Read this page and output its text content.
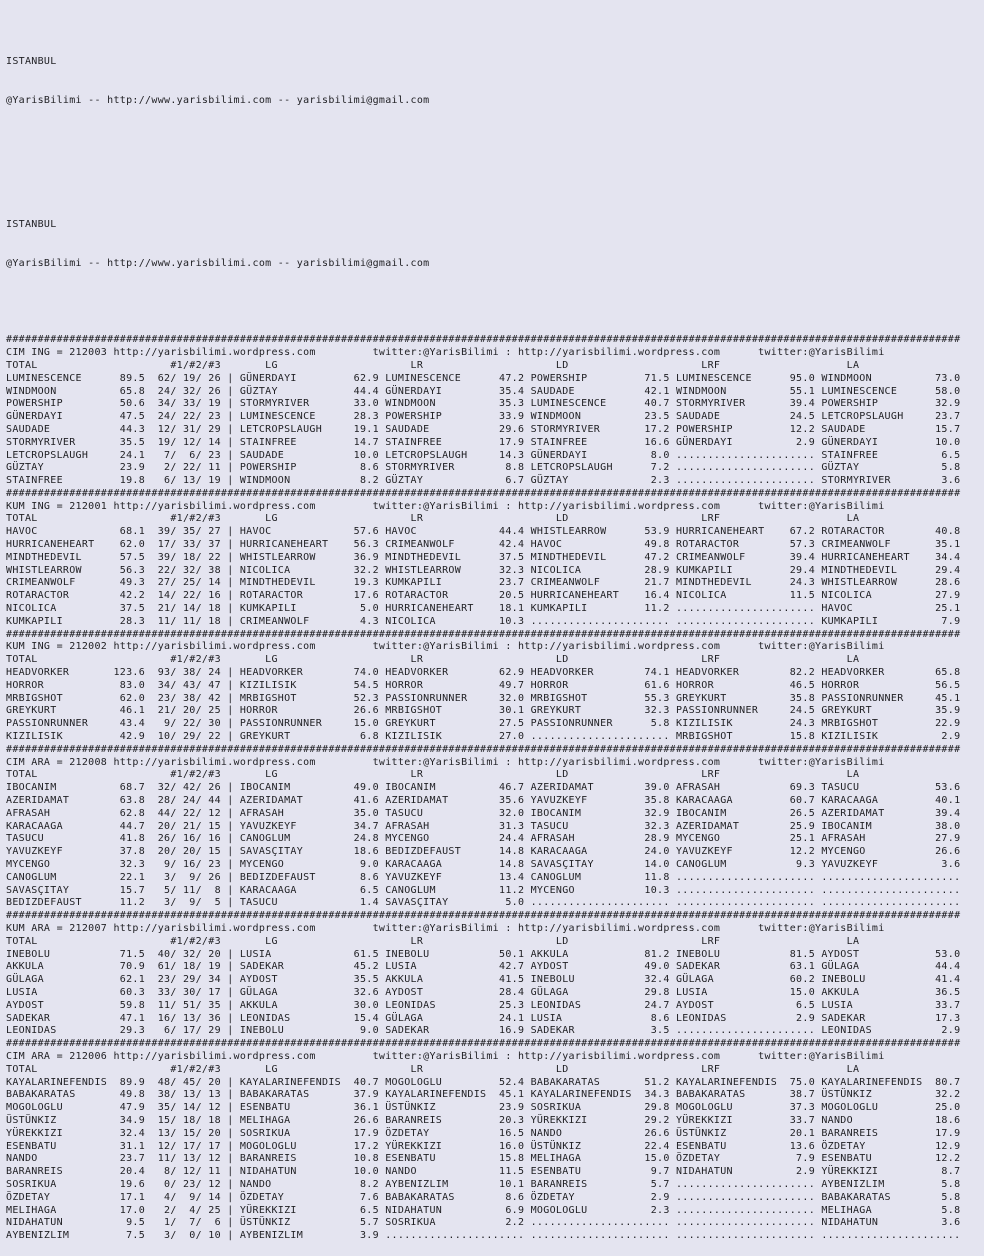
ISTANBUL

@YarisBilimi -- http://www.yarisbilimi.com -- yarisbilimi@gmail.com

ISTANBUL

@YarisBilimi -- http://www.yarisbilimi.com -- yarisbilimi@gmail.com

#######################################################################################################################################################
CIM ING = 212003 http://yarisbilimi.wordpress.com         twitter:@YarisBilimi : http://yarisbilimi.wordpress.com      twitter:@YarisBilimi
TOTAL                     #1/#2/#3       LG                     LR                     LD                     LRF                    LA
LUMINESCENCE      89.5  62/ 19/ 26 | GÜNERDAYI         62.9 LUMINESCENCE      47.2 POWERSHIP         71.5 LUMINESCENCE      95.0 WINDMOON          73.0
WINDMOON          65.8  24/ 32/ 26 | GÜZTAY            44.4 GÜNERDAYI         35.4 SAUDADE           42.1 WINDMOON          55.1 LUMINESCENCE      58.0
POWERSHIP         50.6  34/ 33/ 19 | STORMYRIVER       33.0 WINDMOON          35.3 LUMINESCENCE      40.7 STORMYRIVER       39.4 POWERSHIP         32.9
GÜNERDAYI         47.5  24/ 22/ 23 | LUMINESCENCE      28.3 POWERSHIP         33.9 WINDMOON          23.5 SAUDADE           24.5 LETCROPSLAUGH     23.7
SAUDADE           44.3  12/ 31/ 29 | LETCROPSLAUGH     19.1 SAUDADE           29.6 STORMYRIVER       17.2 POWERSHIP         12.2 SAUDADE           15.7
STORMYRIVER       35.5  19/ 12/ 14 | STAINFREE         14.7 STAINFREE         17.9 STAINFREE         16.6 GÜNERDAYI          2.9 GÜNERDAYI         10.0
LETCROPSLAUGH     24.1   7/  6/ 23 | SAUDADE           10.0 LETCROPSLAUGH     14.3 GÜNERDAYI          8.0 ...................... STAINFREE          6.5
GÜZTAY            23.9   2/ 22/ 11 | POWERSHIP          8.6 STORMYRIVER        8.8 LETCROPSLAUGH      7.2 ...................... GÜZTAY             5.8
STAINFREE         19.8   6/ 13/ 19 | WINDMOON           8.2 GÜZTAY             6.7 GÜZTAY             2.3 ...................... STORMYRIVER        3.6
#######################################################################################################################################################
KUM ING = 212001 http://yarisbilimi.wordpress.com         twitter:@YarisBilimi : http://yarisbilimi.wordpress.com      twitter:@YarisBilimi
TOTAL                     #1/#2/#3       LG                     LR                     LD                     LRF                    LA
HAVOC             68.1  39/ 35/ 27 | HAVOC             57.6 HAVOC             44.4 WHISTLEARROW      53.9 HURRICANEHEART    67.2 ROTARACTOR        40.8
HURRICANEHEART    62.0  17/ 33/ 37 | HURRICANEHEART    56.3 CRIMEANWOLF       42.4 HAVOC             49.8 ROTARACTOR        57.3 CRIMEANWOLF       35.1
MINDTHEDEVIL      57.5  39/ 18/ 22 | WHISTLEARROW      36.9 MINDTHEDEVIL      37.5 MINDTHEDEVIL      47.2 CRIMEANWOLF       39.4 HURRICANEHEART    34.4
WHISTLEARROW      56.3  22/ 32/ 38 | NICOLICA          32.2 WHISTLEARROW      32.3 NICOLICA          28.9 KUMKAPILI         29.4 MINDTHEDEVIL      29.4
CRIMEANWOLF       49.3  27/ 25/ 14 | MINDTHEDEVIL      19.3 KUMKAPILI         23.7 CRIMEANWOLF       21.7 MINDTHEDEVIL      24.3 WHISTLEARROW      28.6
ROTARACTOR        42.2  14/ 22/ 16 | ROTARACTOR        17.6 ROTARACTOR        20.5 HURRICANEHEART    16.4 NICOLICA          11.5 NICOLICA          27.9
NICOLICA          37.5  21/ 14/ 18 | KUMKAPILI          5.0 HURRICANEHEART    18.1 KUMKAPILI         11.2 ...................... HAVOC             25.1
KUMKAPILI         28.3  11/ 11/ 18 | CRIMEANWOLF        4.3 NICOLICA          10.3 ...................... ...................... KUMKAPILI          7.9
#######################################################################################################################################################
KUM ING = 212002 http://yarisbilimi.wordpress.com         twitter:@YarisBilimi : http://yarisbilimi.wordpress.com      twitter:@YarisBilimi
TOTAL                     #1/#2/#3       LG                     LR                     LD                     LRF                    LA
HEADVORKER       123.6  93/ 38/ 24 | HEADVORKER        74.0 HEADVORKER        62.9 HEADVORKER        74.1 HEADVORKER        82.2 HEADVORKER        65.8
HORROR            83.0  34/ 43/ 47 | KIZILISIK         54.5 HORROR            49.7 HORROR            61.6 HORROR            46.5 HORROR            56.5
MRBIGSHOT         62.0  23/ 38/ 42 | MRBIGSHOT         52.3 PASSIONRUNNER     32.0 MRBIGSHOT         55.3 GREYKURT          35.8 PASSIONRUNNER     45.1
GREYKURT          46.1  21/ 20/ 25 | HORROR            26.6 MRBIGSHOT         30.1 GREYKURT          32.3 PASSIONRUNNER     24.5 GREYKURT          35.9
PASSIONRUNNER     43.4   9/ 22/ 30 | PASSIONRUNNER     15.0 GREYKURT          27.5 PASSIONRUNNER      5.8 KIZILISIK         24.3 MRBIGSHOT         22.9
KIZILISIK         42.9  10/ 29/ 22 | GREYKURT           6.8 KIZILISIK         27.0 ...................... MRBIGSHOT         15.8 KIZILISIK          2.9
#######################################################################################################################################################
CIM ARA = 212008 http://yarisbilimi.wordpress.com         twitter:@YarisBilimi : http://yarisbilimi.wordpress.com      twitter:@YarisBilimi
TOTAL                     #1/#2/#3       LG                     LR                     LD                     LRF                    LA
IBOCANIM          68.7  32/ 42/ 26 | IBOCANIM          49.0 IBOCANIM          46.7 AZERIDAMAT        39.0 AFRASAH           69.3 TASUCU            53.6
AZERIDAMAT        63.8  28/ 24/ 44 | AZERIDAMAT        41.6 AZERIDAMAT        35.6 YAVUZKEYF         35.8 KARACAAGA         60.7 KARACAAGA         40.1
AFRASAH           62.8  44/ 22/ 12 | AFRASAH           35.0 TASUCU            32.0 IBOCANIM          32.9 IBOCANIM          26.5 AZERIDAMAT        39.4
KARACAAGA         44.7  20/ 21/ 15 | YAVUZKEYF         34.7 AFRASAH           31.3 TASUCU            32.3 AZERIDAMAT        25.9 IBOCANIM          38.0
TASUCU            41.8  26/ 16/ 16 | CANOGLUM          24.8 MYCENGO           24.4 AFRASAH           28.9 MYCENGO           25.1 AFRASAH           27.9
YAVUZKEYF         37.8  20/ 20/ 15 | SAVASÇITAY        18.6 BEDIZDEFAUST      14.8 KARACAAGA         24.0 YAVUZKEYF         12.2 MYCENGO           26.6
MYCENGO           32.3   9/ 16/ 23 | MYCENGO            9.0 KARACAAGA         14.8 SAVASÇITAY        14.0 CANOGLUM           9.3 YAVUZKEYF          3.6
CANOGLUM          22.1   3/  9/ 26 | BEDIZDEFAUST       8.6 YAVUZKEYF         13.4 CANOGLUM          11.8 ...................... ......................
SAVASÇITAY        15.7   5/ 11/  8 | KARACAAGA          6.5 CANOGLUM          11.2 MYCENGO           10.3 ...................... ......................
BEDIZDEFAUST      11.2   3/  9/  5 | TASUCU             1.4 SAVASÇITAY         5.0 ...................... ...................... ......................
#######################################################################################################################################################
KUM ARA = 212007 http://yarisbilimi.wordpress.com         twitter:@YarisBilimi : http://yarisbilimi.wordpress.com      twitter:@YarisBilimi
TOTAL                     #1/#2/#3       LG                     LR                     LD                     LRF                    LA
INEBOLU           71.5  40/ 32/ 20 | LUSIA             61.5 INEBOLU           50.1 AKKULA            81.2 INEBOLU           81.5 AYDOST            53.0
AKKULA            70.9  61/ 18/ 19 | SADEKAR           45.2 LUSIA             42.7 AYDOST            49.0 SADEKAR           63.1 GÜLAGA            44.4
GÜLAGA            62.1  23/ 29/ 34 | AYDOST            35.5 AKKULA            41.5 INEBOLU           32.4 GÜLAGA            60.2 INEBOLU           41.4
LUSIA             60.3  33/ 30/ 17 | GÜLAGA            32.6 AYDOST            28.4 GÜLAGA            29.8 LUSIA             15.0 AKKULA            36.5
AYDOST            59.8  11/ 51/ 35 | AKKULA            30.0 LEONIDAS          25.3 LEONIDAS          24.7 AYDOST             6.5 LUSIA             33.7
SADEKAR           47.1  16/ 13/ 36 | LEONIDAS          15.4 GÜLAGA            24.1 LUSIA              8.6 LEONIDAS           2.9 SADEKAR           17.3
LEONIDAS          29.3   6/ 17/ 29 | INEBOLU            9.0 SADEKAR           16.9 SADEKAR            3.5 ...................... LEONIDAS           2.9
#######################################################################################################################################################
CIM ARA = 212006 http://yarisbilimi.wordpress.com         twitter:@YarisBilimi : http://yarisbilimi.wordpress.com      twitter:@YarisBilimi
TOTAL                     #1/#2/#3       LG                     LR                     LD                     LRF                    LA
KAYALARINEFENDIS  89.9  48/ 45/ 20 | KAYALARINEFENDIS  40.7 MOGOLOGLU         52.4 BABAKARATAS       51.2 KAYALARINEFENDIS  75.0 KAYALARINEFENDIS  80.7
BABAKARATAS       49.8  38/ 13/ 13 | BABAKARATAS       37.9 KAYALARINEFENDIS  45.1 KAYALARINEFENDIS  34.3 BABAKARATAS       38.7 ÜSTÜNKIZ          32.2
MOGOLOGLU         47.9  35/ 14/ 12 | ESENBATU          36.1 ÜSTÜNKIZ          23.9 SOSRIKUA          29.8 MOGOLOGLU         37.3 MOGOLOGLU         25.0
ÜSTÜNKIZ          34.9  15/ 18/ 18 | MELIHAGA          26.6 BARANREIS         20.3 YÜREKKIZI         29.2 YÜREKKIZI         33.7 NANDO             18.6
YÜREKKIZI         32.4  13/ 15/ 20 | SOSRIKUA          17.9 ÖZDETAY           16.5 NANDO             26.6 ÜSTÜNKIZ          20.1 BARANREIS         17.9
ESENBATU          31.1  12/ 17/ 17 | MOGOLOGLU         17.2 YÜREKKIZI         16.0 ÜSTÜNKIZ          22.4 ESENBATU          13.6 ÖZDETAY           12.9
NANDO             23.7  11/ 13/ 12 | BARANREIS         10.8 ESENBATU          15.8 MELIHAGA          15.0 ÖZDETAY            7.9 ESENBATU          12.2
BARANREIS         20.4   8/ 12/ 11 | NIDAHATUN         10.0 NANDO             11.5 ESENBATU           9.7 NIDAHATUN          2.9 YÜREKKIZI          8.7
SOSRIKUA          19.6   0/ 23/ 12 | NANDO              8.2 AYBENIZLIM        10.1 BARANREIS          5.7 ...................... AYBENIZLIM         5.8
ÖZDETAY           17.1   4/  9/ 14 | ÖZDETAY            7.6 BABAKARATAS        8.6 ÖZDETAY            2.9 ...................... BABAKARATAS        5.8
MELIHAGA          17.0   2/  4/ 25 | YÜREKKIZI          6.5 NIDAHATUN          6.9 MOGOLOGLU          2.3 ...................... MELIHAGA           5.8
NIDAHATUN          9.5   1/  7/  6 | ÜSTÜNKIZ           5.7 SOSRIKUA           2.2 ...................... ...................... NIDAHATUN          3.6
AYBENIZLIM         7.5   3/  0/ 10 | AYBENIZLIM         3.9 ...................... ...................... ...................... ......................
